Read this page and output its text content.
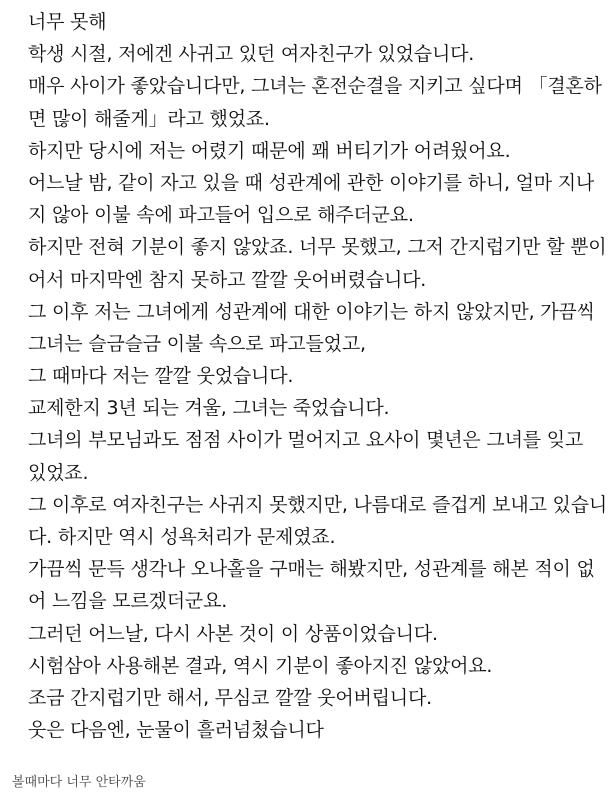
너무 못해
학생 시절, 저에겐 사귀고 있던 여자친구가 있었습니다.
매우 사이가 좋았습니다만, 그녀는 혼전순결을 지키고 싶다며 「결혼하
면 많이 해줄게」라고 했었죠.
하지만 당시에 저는 어렸기 때문에 꽤 버티기가 어려웠어요.
어느날 밤, 같이 자고 있을 때 성관계에 관한 이야기를 하니, 얼마 지나
지 않아 이불 속에 파고들어 입으로 해주더군요.
하지만 전혀 기분이 좋지 않았죠. 너무 못했고, 그저 간지럽기만 할 뿐이
어서 마지막엔 참지 못하고 깔깔 웃어버렸습니다.
그 이후 저는 그녀에게 성관계에 대한 이야기는 하지 않았지만, 가끔씩
그녀는 슬금슬금 이불 속으로 파고들었고,
그 때마다 저는 깔깔 웃었습니다.
교제한지 3년 되는 겨울, 그녀는 죽었습니다.
그녀의 부모님과도 점점 사이가 멀어지고 요사이 몇년은 그녀를 잊고
있었죠.
그 이후로 여자친구는 사귀지 못했지만, 나름대로 즐겁게 보내고 있습니
다. 하지만 역시 성욕처리가 문제였죠.
가끔씩 문득 생각나 오나홀을 구매는 해봤지만, 성관계를 해본 적이 없
어 느낌을 모르겠더군요.
그러던 어느날, 다시 사본 것이 이 상품이었습니다.
시험삼아 사용해본 결과, 역시 기분이 좋아지진 않았어요.
조금 간지럽기만 해서, 무심코 깔깔 웃어버립니다.
웃은 다음엔, 눈물이 흘러넘쳤습니다
볼때마다 너무 안타까움
